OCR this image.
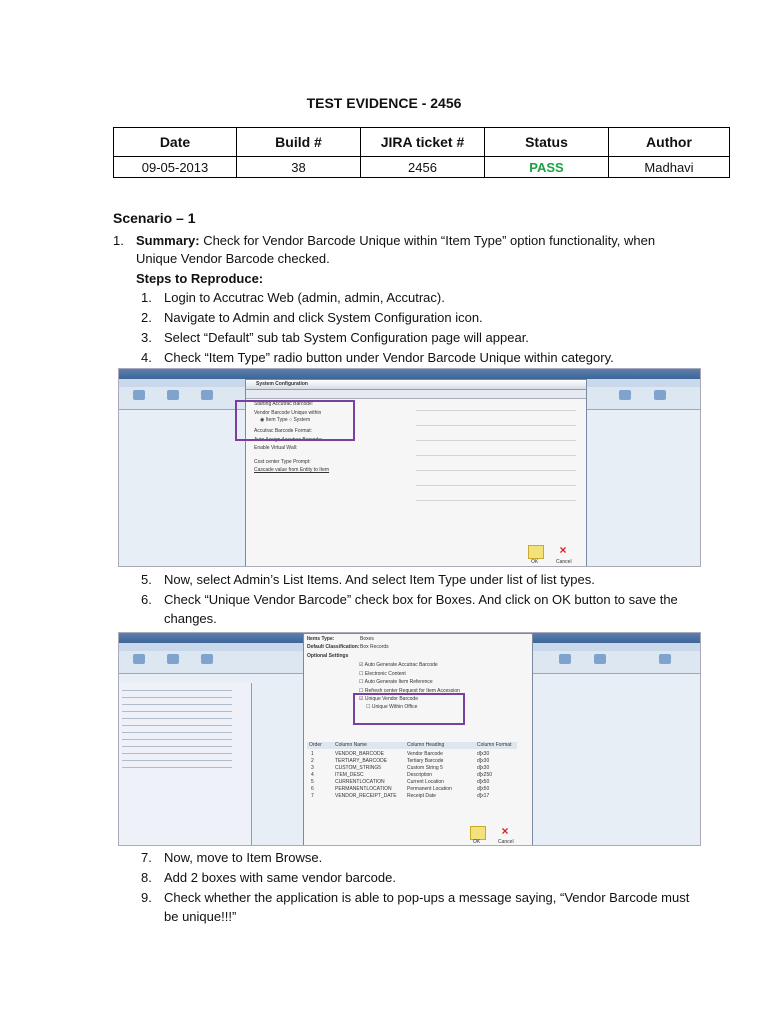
TEST EVIDENCE - 2456
Date	Build #	JIRA ticket #	Status	Author
09-05-2013	38	2456	PASS	Madhavi
Scenario – 1
1. Summary: Check for Vendor Barcode Unique within “Item Type” option functionality, when
Unique Vendor Barcode checked.
Steps to Reproduce:
1. Login to Accutrac Web (admin, admin, Accutrac).
2. Navigate to Admin and click System Configuration icon.
3. Select “Default” sub tab System Configuration page will appear.
4. Check “Item Type” radio button under Vendor Barcode Unique within category.
System Configuration
Starting Accutrac Barcode:
Vendor Barcode Unique within
◉ Item Type ○ System
Accutrac Barcode Format:
Auto Assign Accutrac Barcode:
Enable Virtual Wall:
Cost center Type Prompt:
Cascade value from Entity to Item
OK
×
Cancel
5. Now, select Admin’s List Items. And select Item Type under list of list types.
6. Check “Unique Vendor Barcode” check box for Boxes. And click on OK button to save the
changes.
Items Type:	Boxes
Default Classification: Box Records
Optional Settings
☑ Auto Generate Accutrac Barcode
☐ Electronic Content
☐ Auto Generate Item Reference
☐ Refresh center Request for Item Accession
☑ Unique Vendor Barcode
☐ Unique Within Office
Order	Column Name	Column Heading	Column Format
1	VENDOR_BARCODE	Vendor Barcode	d[x30
2	TERTIARY_BARCODE	Tertiary Barcode	d[x30
3	CUSTOM_STRING5	Custom String 5	d[x30
4	ITEM_DESC	Description	d[x250
5	CURRENTLOCATION	Current Location	d[x50
6	PERMANENTLOCATION	Permanent Location	d[x50
7	VENDOR_RECEIPT_DATE Receipt Date	d[x17
OK
×
Cancel
7. Now, move to Item Browse.
8. Add 2 boxes with same vendor barcode.
9. Check whether the application is able to pop-ups a message saying, “Vendor Barcode must
be unique!!!”
